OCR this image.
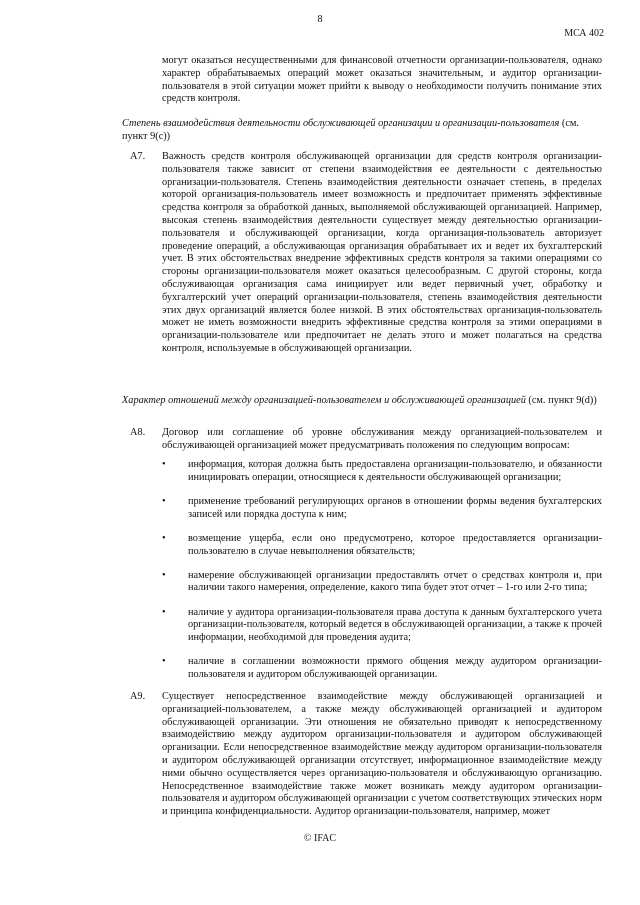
8
МСА 402
могут оказаться несущественными для финансовой отчетности организации-пользователя, однако характер обрабатываемых операций может оказаться значительным, и аудитор организации-пользователя в этой ситуации может прийти к выводу о необходимости получить понимание этих средств контроля.
Степень взаимодействия деятельности обслуживающей организации и организации-пользователя (см. пункт 9(с))
A7. Важность средств контроля обслуживающей организации для средств контроля организации-пользователя также зависит от степени взаимодействия ее деятельности с деятельностью организации-пользователя. Степень взаимодействия деятельности означает степень, в пределах которой организация-пользователь имеет возможность и предпочитает применять эффективные средства контроля за обработкой данных, выполняемой обслуживающей организацией. Например, высокая степень взаимодействия деятельности существует между деятельностью организации-пользователя и обслуживающей организации, когда организация-пользователь авторизует проведение операций, а обслуживающая организация обрабатывает их и ведет их бухгалтерский учет. В этих обстоятельствах внедрение эффективных средств контроля за такими операциями со стороны организации-пользователя может оказаться целесообразным. С другой стороны, когда обслуживающая организация сама инициирует или ведет первичный учет, обработку и бухгалтерский учет операций организации-пользователя, степень взаимодействия деятельности этих двух организаций является более низкой. В этих обстоятельствах организация-пользователь может не иметь возможности внедрить эффективные средства контроля за этими операциями в организации-пользователе или предпочитает не делать этого и может полагаться на средства контроля, используемые в обслуживающей организации.
Характер отношений между организацией-пользователем и обслуживающей организацией (см. пункт 9(d))
A8. Договор или соглашение об уровне обслуживания между организацией-пользователем и обслуживающей организацией может предусматривать положения по следующим вопросам:
• информация, которая должна быть предоставлена организации-пользователю, и обязанности инициировать операции, относящиеся к деятельности обслуживающей организации;
• применение требований регулирующих органов в отношении формы ведения бухгалтерских записей или порядка доступа к ним;
• возмещение ущерба, если оно предусмотрено, которое предоставляется организации-пользователю в случае невыполнения обязательств;
• намерение обслуживающей организации предоставлять отчет о средствах контроля и, при наличии такого намерения, определение, какого типа будет этот отчет – 1-го или 2-го типа;
• наличие у аудитора организации-пользователя права доступа к данным бухгалтерского учета организации-пользователя, который ведется в обслуживающей организации, а также к прочей информации, необходимой для проведения аудита;
• наличие в соглашении возможности прямого общения между аудитором организации-пользователя и аудитором обслуживающей организации.
A9. Существует непосредственное взаимодействие между обслуживающей организацией и организацией-пользователем, а также между обслуживающей организацией и аудитором обслуживающей организации. Эти отношения не обязательно приводят к непосредственному взаимодействию между аудитором организации-пользователя и аудитором обслуживающей организации. Если непосредственное взаимодействие между аудитором организации-пользователя и аудитором обслуживающей организации отсутствует, информационное взаимодействие между ними обычно осуществляется через организацию-пользователя и обслуживающую организацию. Непосредственное взаимодействие также может возникать между аудитором организации-пользователя и аудитором обслуживающей организации с учетом соответствующих этических норм и принципа конфиденциальности. Аудитор организации-пользователя, например, может
© IFAC
